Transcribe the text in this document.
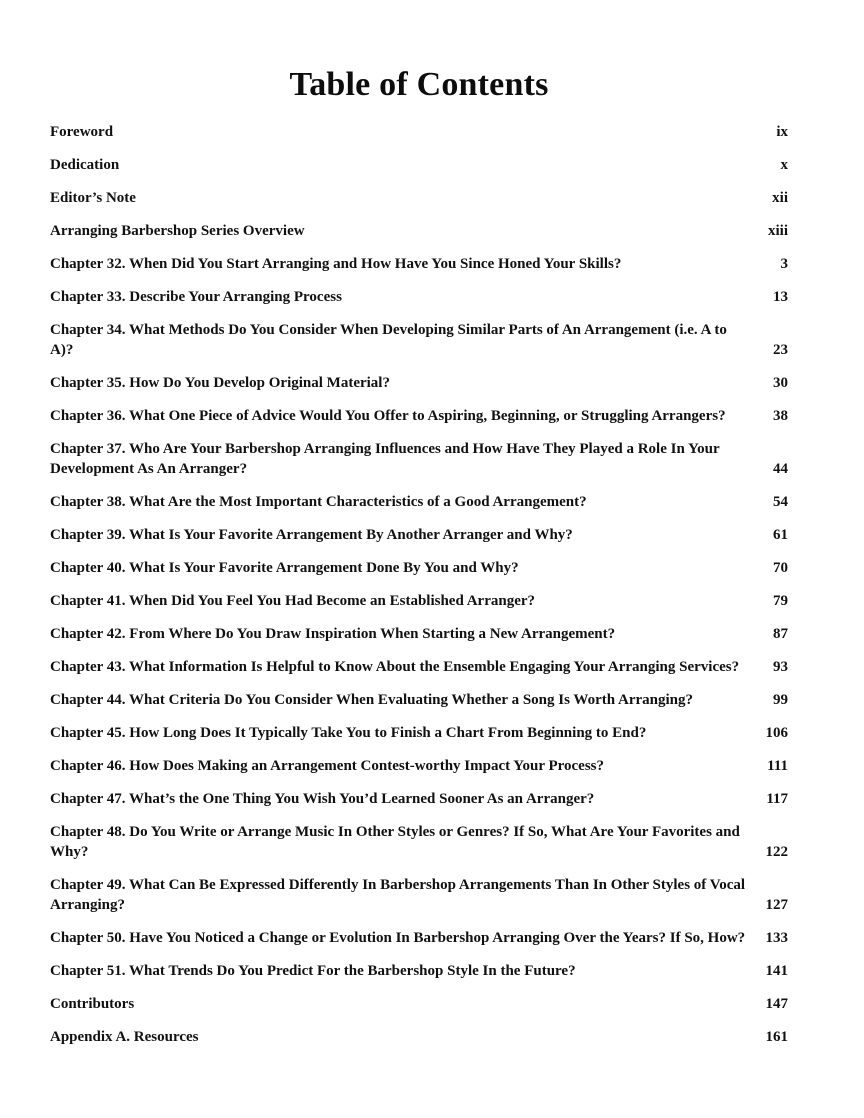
Table of Contents
Foreword	ix
Dedication	x
Editor’s Note	xii
Arranging Barbershop Series Overview	xiii
Chapter 32. When Did You Start Arranging and How Have You Since Honed Your Skills?	3
Chapter 33. Describe Your Arranging Process	13
Chapter 34. What Methods Do You Consider When Developing Similar Parts of An Arrangement (i.e. A to A)?	23
Chapter 35. How Do You Develop Original Material?	30
Chapter 36. What One Piece of Advice Would You Offer to Aspiring, Beginning, or Struggling Arrangers?	38
Chapter 37. Who Are Your Barbershop Arranging Influences and How Have They Played a Role In Your Development As An Arranger?	44
Chapter 38. What Are the Most Important Characteristics of a Good Arrangement?	54
Chapter 39. What Is Your Favorite Arrangement By Another Arranger and Why?	61
Chapter 40. What Is Your Favorite Arrangement Done By You and Why?	70
Chapter 41. When Did You Feel You Had Become an Established Arranger?	79
Chapter 42. From Where Do You Draw Inspiration When Starting a New Arrangement?	87
Chapter 43. What Information Is Helpful to Know About the Ensemble Engaging Your Arranging Services?	93
Chapter 44. What Criteria Do You Consider When Evaluating Whether a Song Is Worth Arranging?	99
Chapter 45. How Long Does It Typically Take You to Finish a Chart From Beginning to End?	106
Chapter 46. How Does Making an Arrangement Contest-worthy Impact Your Process?	111
Chapter 47. What’s the One Thing You Wish You’d Learned Sooner As an Arranger?	117
Chapter 48. Do You Write or Arrange Music In Other Styles or Genres? If So, What Are Your Favorites and Why?	122
Chapter 49. What Can Be Expressed Differently In Barbershop Arrangements Than In Other Styles of Vocal Arranging?	127
Chapter 50. Have You Noticed a Change or Evolution In Barbershop Arranging Over the Years? If So, How?	133
Chapter 51. What Trends Do You Predict For the Barbershop Style In the Future?	141
Contributors	147
Appendix A. Resources	161
